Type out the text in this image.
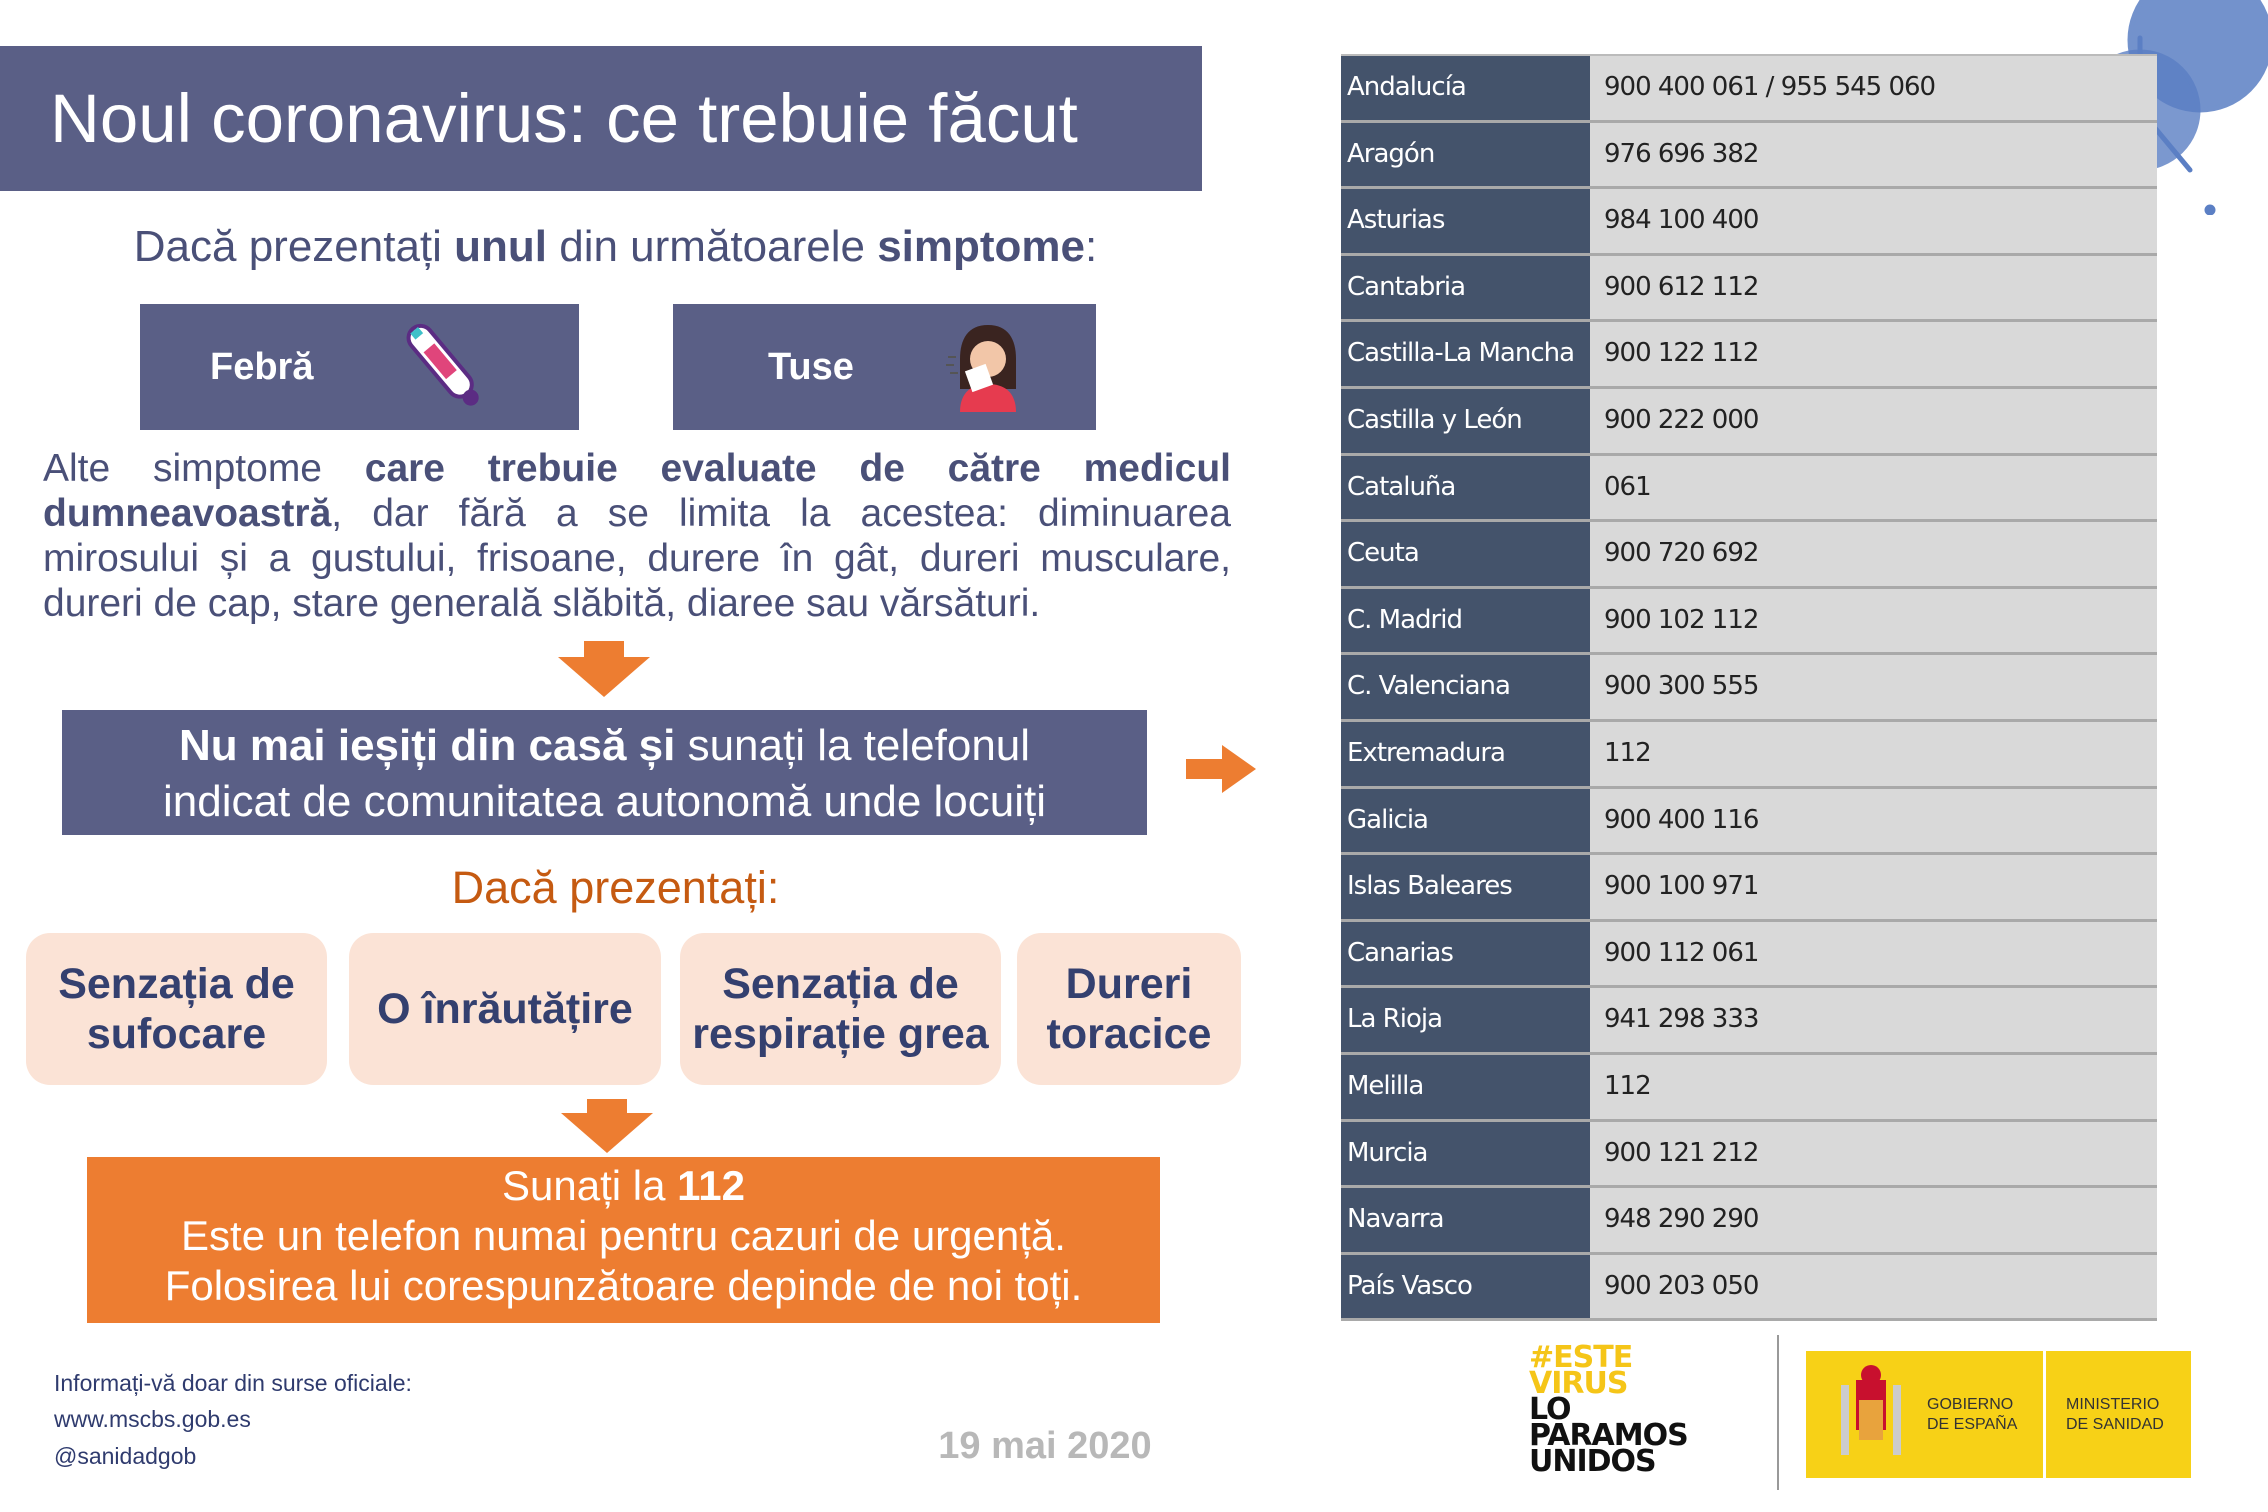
Noul coronavirus: ce trebuie făcut
Dacă prezentați unul din următoarele simptome:
Febră	Tuse
Alte simptome care trebuie evaluate de către medicul dumneavoastră, dar fără a se limita la acestea: diminuarea mirosului și a gustului, frisoane, durere în gât, dureri musculare, dureri de cap, stare generală slăbită, diaree sau vărsături.
Nu mai ieșiți din casă și sunați la telefonul
indicat de comunitatea autonomă unde locuiți
Dacă prezentați:
Senzația de sufocare
O înrăutățire
Senzația de respirație grea
Dureri toracice
Sunați la 112
Este un telefon numai pentru cazuri de urgență.
Folosirea lui corespunzătoare depinde de noi toți.
Informați-vă doar din surse oficiale:
www.mscbs.gob.es
@sanidadgob	19 mai 2020
Andalucía	900 400 061 / 955 545 060
Aragón	976 696 382
Asturias	984 100 400
Cantabria	900 612 112
Castilla-La Mancha	900 122 112
Castilla y León	900 222 000
Cataluña	061
Ceuta	900 720 692
C. Madrid	900 102 112
C. Valenciana	900 300 555
Extremadura	112
Galicia	900 400 116
Islas Baleares	900 100 971
Canarias	900 112 061
La Rioja	941 298 333
Melilla	112
Murcia	900 121 212
Navarra	948 290 290
País Vasco	900 203 050
#ESTE
VIRUS
LO
PARAMOS
UNIDOS
GOBIERNO
DE ESPAÑA
MINISTERIO
DE SANIDAD
